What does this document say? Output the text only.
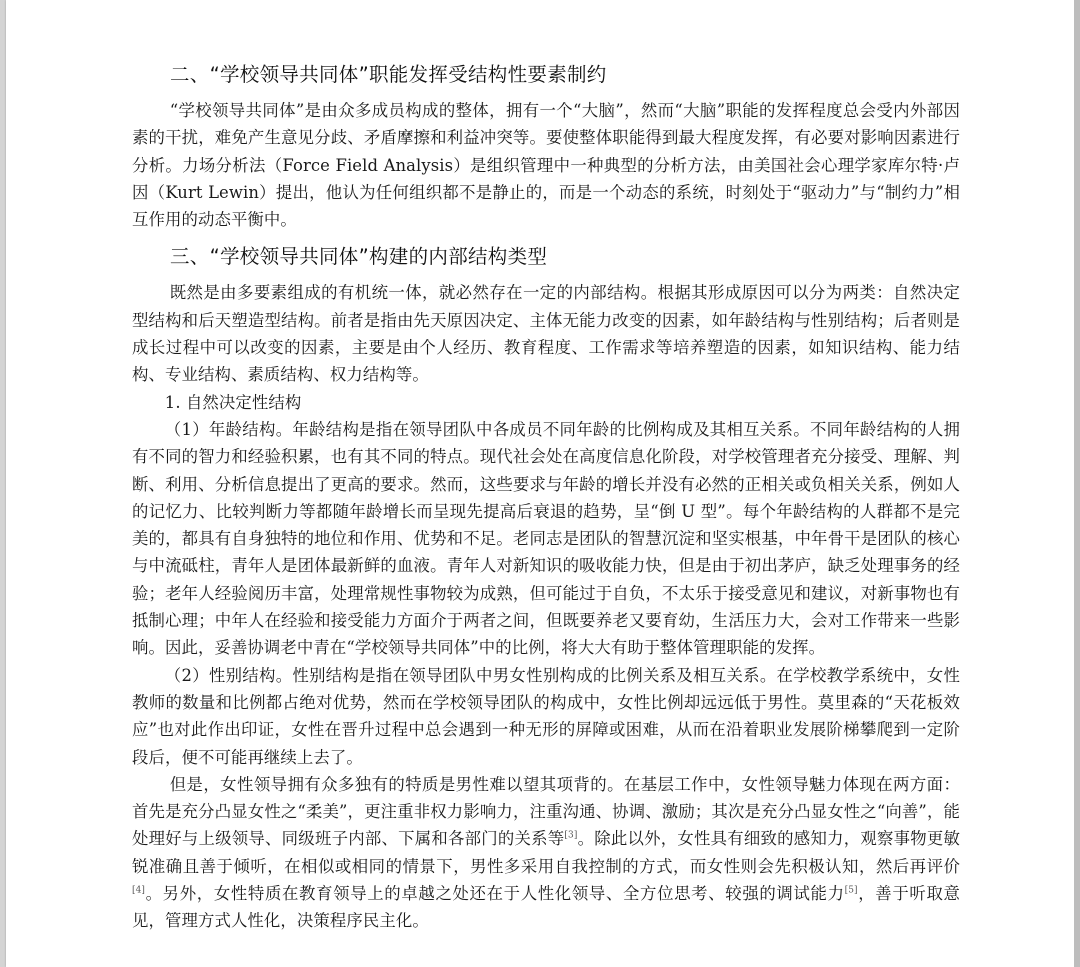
二、“学校领导共同体”职能发挥受结构性要素制约

“学校领导共同体”是由众多成员构成的整体，拥有一个“大脑”，然而“大脑”职能的发挥程度总会受内外部因素的干扰，难免产生意见分歧、矛盾摩擦和利益冲突等。要使整体职能得到最大程度发挥，有必要对影响因素进行分析。力场分析法（Force Field Analysis）是组织管理中一种典型的分析方法，由美国社会心理学家库尔特·卢因（Kurt Lewin）提出，他认为任何组织都不是静止的，而是一个动态的系统，时刻处于“驱动力”与“制约力”相互作用的动态平衡中。

三、“学校领导共同体”构建的内部结构类型

既然是由多要素组成的有机统一体，就必然存在一定的内部结构。根据其形成原因可以分为两类：自然决定型结构和后天塑造型结构。前者是指由先天原因决定、主体无能力改变的因素，如年龄结构与性别结构；后者则是成长过程中可以改变的因素，主要是由个人经历、教育程度、工作需求等培养塑造的因素，如知识结构、能力结构、专业结构、素质结构、权力结构等。

1. 自然决定性结构

（1）年龄结构。年龄结构是指在领导团队中各成员不同年龄的比例构成及其相互关系。不同年龄结构的人拥有不同的智力和经验积累，也有其不同的特点。现代社会处在高度信息化阶段，对学校管理者充分接受、理解、判断、利用、分析信息提出了更高的要求。然而，这些要求与年龄的增长并没有必然的正相关或负相关关系，例如人的记忆力、比较判断力等都随年龄增长而呈现先提高后衰退的趋势，呈“倒 U 型”。每个年龄结构的人群都不是完美的，都具有自身独特的地位和作用、优势和不足。老同志是团队的智慧沉淀和坚实根基，中年骨干是团队的核心与中流砥柱，青年人是团体最新鲜的血液。青年人对新知识的吸收能力快，但是由于初出茅庐，缺乏处理事务的经验；老年人经验阅历丰富，处理常规性事物较为成熟，但可能过于自负，不太乐于接受意见和建议，对新事物也有抵制心理；中年人在经验和接受能力方面介于两者之间，但既要养老又要育幼，生活压力大，会对工作带来一些影响。因此，妥善协调老中青在“学校领导共同体”中的比例，将大大有助于整体管理职能的发挥。

（2）性别结构。性别结构是指在领导团队中男女性别构成的比例关系及相互关系。在学校教学系统中，女性教师的数量和比例都占绝对优势，然而在学校领导团队的构成中，女性比例却远远低于男性。莫里森的“天花板效应”也对此作出印证，女性在晋升过程中总会遇到一种无形的屏障或困难，从而在沿着职业发展阶梯攀爬到一定阶段后，便不可能再继续上去了。

但是，女性领导拥有众多独有的特质是男性难以望其项背的。在基层工作中，女性领导魅力体现在两方面：首先是充分凸显女性之“柔美”，更注重非权力影响力，注重沟通、协调、激励；其次是充分凸显女性之“向善”，能处理好与上级领导、同级班子内部、下属和各部门的关系等[3]。除此以外，女性具有细致的感知力，观察事物更敏锐准确且善于倾听，在相似或相同的情景下，男性多采用自我控制的方式，而女性则会先积极认知，然后再评价[4]。另外，女性特质在教育领导上的卓越之处还在于人性化领导、全方位思考、较强的调试能力[5]，善于听取意见，管理方式人性化，决策程序民主化。
